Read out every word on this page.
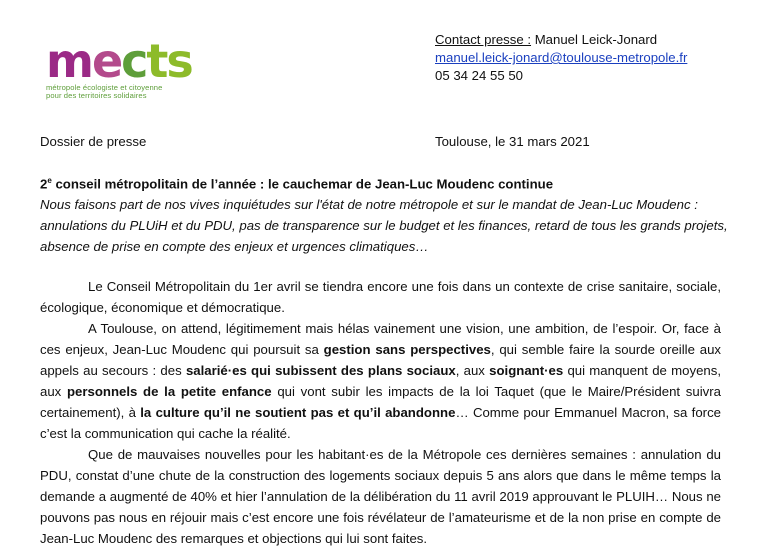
mects
métropole écologiste et citoyenne
pour des territoires solidaires
Contact presse : Manuel Leick-Jonard
manuel.leick-jonard@toulouse-metropole.fr
05 34 24 55 50
Dossier de presse	Toulouse, le 31 mars 2021
2e conseil métropolitain de l’année : le cauchemar de Jean-Luc Moudenc continue
Nous faisons part de nos vives inquiétudes sur l'état de notre métropole et sur le mandat de Jean-Luc Moudenc : annulations du PLUiH et du PDU, pas de transparence sur le budget et les finances, retard de tous les grands projets, absence de prise en compte des enjeux et urgences climatiques…

Le Conseil Métropolitain du 1er avril se tiendra encore une fois dans un contexte de crise sanitaire, sociale, écologique, économique et démocratique.

A Toulouse, on attend, légitimement mais hélas vainement une vision, une ambition, de l’espoir. Or, face à ces enjeux, Jean-Luc Moudenc qui poursuit sa gestion sans perspectives, qui semble faire la sourde oreille aux appels au secours : des salarié·es qui subissent des plans sociaux, aux soignant·es qui manquent de moyens, aux personnels de la petite enfance qui vont subir les impacts de la loi Taquet (que le Maire/Président suivra certainement), à la culture qu’il ne soutient pas et qu’il abandonne… Comme pour Emmanuel Macron, sa force c’est la communication qui cache la réalité.

Que de mauvaises nouvelles pour les habitant·es de la Métropole ces dernières semaines : annulation du PDU, constat d’une chute de la construction des logements sociaux depuis 5 ans alors que dans le même temps la demande a augmenté de 40% et hier l’annulation de la délibération du 11 avril 2019 approuvant le PLUIH… Nous ne pouvons pas nous en réjouir mais c’est encore une fois révélateur de l’amateurisme et de la non prise en compte de Jean-Luc Moudenc des remarques et objections qui lui sont faites.
